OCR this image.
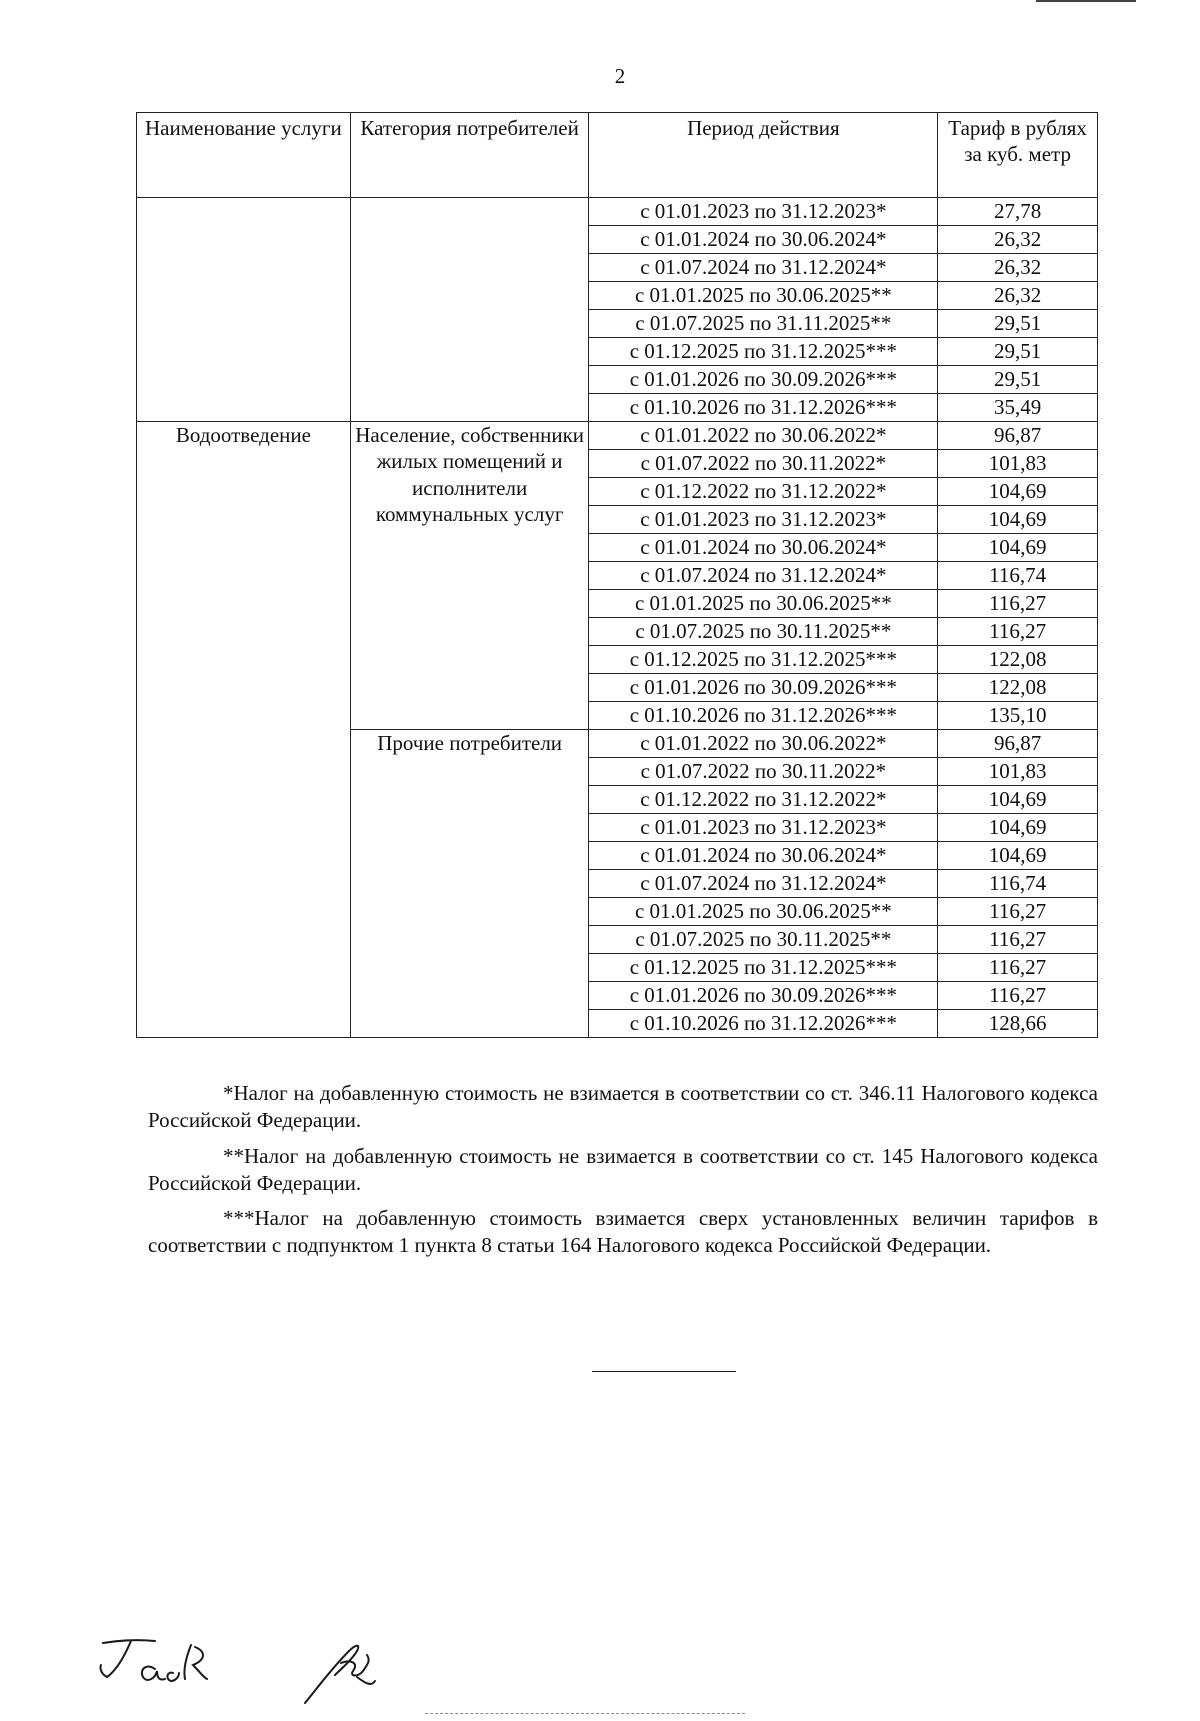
2
Наименование услуги	Категория потребителей	Период действия	Тариф в рублях за куб. метр
		с 01.01.2023 по 31.12.2023*	27,78
		с 01.01.2024 по 30.06.2024*	26,32
		с 01.07.2024 по 31.12.2024*	26,32
		с 01.01.2025 по 30.06.2025**	26,32
		с 01.07.2025 по 31.11.2025**	29,51
		с 01.12.2025 по 31.12.2025***	29,51
		с 01.01.2026 по 30.09.2026***	29,51
		с 01.10.2026 по 31.12.2026***	35,49
Водоотведение	Население, собственники жилых помещений и исполнители коммунальных услуг	с 01.01.2022 по 30.06.2022*	96,87
		с 01.07.2022 по 30.11.2022*	101,83
		с 01.12.2022 по 31.12.2022*	104,69
		с 01.01.2023 по 31.12.2023*	104,69
		с 01.01.2024 по 30.06.2024*	104,69
		с 01.07.2024 по 31.12.2024*	116,74
		с 01.01.2025 по 30.06.2025**	116,27
		с 01.07.2025 по 30.11.2025**	116,27
		с 01.12.2025 по 31.12.2025***	122,08
		с 01.01.2026 по 30.09.2026***	122,08
		с 01.10.2026 по 31.12.2026***	135,10
	Прочие потребители	с 01.01.2022 по 30.06.2022*	96,87
		с 01.07.2022 по 30.11.2022*	101,83
		с 01.12.2022 по 31.12.2022*	104,69
		с 01.01.2023 по 31.12.2023*	104,69
		с 01.01.2024 по 30.06.2024*	104,69
		с 01.07.2024 по 31.12.2024*	116,74
		с 01.01.2025 по 30.06.2025**	116,27
		с 01.07.2025 по 30.11.2025**	116,27
		с 01.12.2025 по 31.12.2025***	116,27
		с 01.01.2026 по 30.09.2026***	116,27
		с 01.10.2026 по 31.12.2026***	128,66

*Налог на добавленную стоимость не взимается в соответствии со ст. 346.11 Налогового кодекса Российской Федерации.

**Налог на добавленную стоимость не взимается в соответствии со ст. 145 Налогового кодекса Российской Федерации.

***Налог на добавленную стоимость взимается сверх установленных величин тарифов в соответствии с подпунктом 1 пункта 8 статьи 164 Налогового кодекса Российской Федерации.
